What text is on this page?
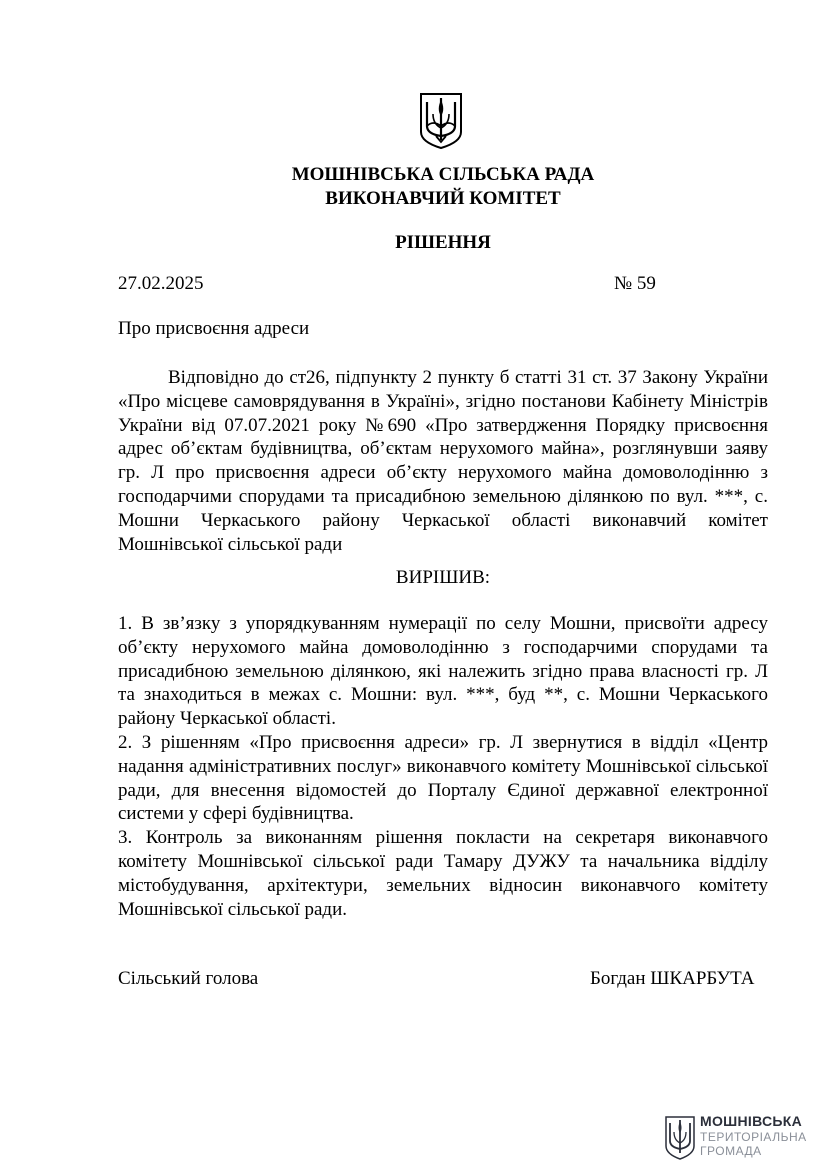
МОШНІВСЬКА СІЛЬСЬКА РАДА
ВИКОНАВЧИЙ КОМІТЕТ
РІШЕННЯ
27.02.2025	№ 59
Про присвоєння адреси
Відповідно до ст26, підпункту 2 пункту б статті 31 ст. 37 Закону України «Про місцеве самоврядування в Україні», згідно постанови Кабінету Міністрів України від 07.07.2021 року №690 «Про затвердження Порядку присвоєння адрес об’єктам будівництва, об’єктам нерухомого майна», розглянувши заяву гр. Л про присвоєння адреси об’єкту нерухомого майна домоволодінню з господарчими спорудами та присадибною земельною ділянкою по вул. ***, с. Мошни Черкаського району Черкаської області виконавчий комітет Мошнівської сільської ради
ВИРІШИВ:

1. В зв’язку з упорядкуванням нумерації по селу Мошни, присвоїти адресу об’єкту нерухомого майна домоволодінню з господарчими спорудами та присадибною земельною ділянкою, які належить згідно права власності гр. Л та знаходиться в межах с. Мошни: вул. ***, буд **, с. Мошни Черкаського району Черкаської області.

2. З рішенням «Про присвоєння адреси» гр. Л звернутися в відділ «Центр надання адміністративних послуг» виконавчого комітету Мошнівської сільської ради, для внесення відомостей до Порталу Єдиної державної електронної системи у сфері будівництва.

3. Контроль за виконанням рішення покласти на секретаря виконавчого комітету Мошнівської сільської ради Тамару ДУЖУ та начальника відділу містобудування, архітектури, земельних відносин виконавчого комітету Мошнівської сільської ради.

Сільський голова	Богдан ШКАРБУТА
МОШНІВСЬКА
ТЕРИТОРІАЛЬНА
ГРОМАДА
